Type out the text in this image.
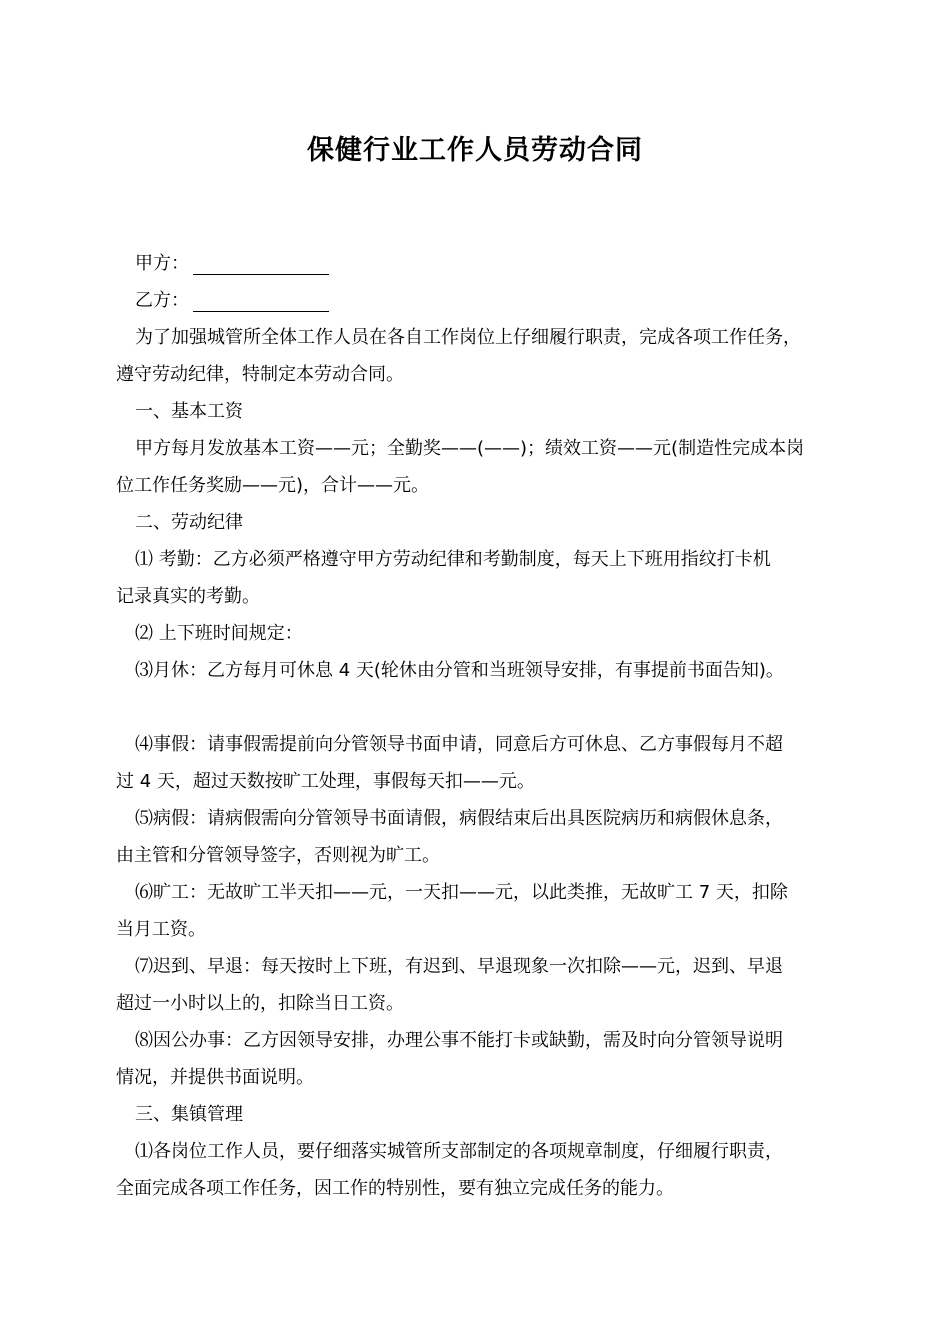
保健行业工作人员劳动合同

甲方：

乙方：

为了加强城管所全体工作人员在各自工作岗位上仔细履行职责，完成各项工作任务，
遵守劳动纪律，特制定本劳动合同。

一、基本工资

甲方每月发放基本工资——元；全勤奖——(——)；绩效工资——元(制造性完成本岗
位工作任务奖励——元)，合计——元。

二、劳动纪律

⑴ 考勤：乙方必须严格遵守甲方劳动纪律和考勤制度，每天上下班用指纹打卡机
记录真实的考勤。

⑵ 上下班时间规定：

⑶月休：乙方每月可休息 4 天(轮休由分管和当班领导安排，有事提前书面告知)。

⑷事假：请事假需提前向分管领导书面申请，同意后方可休息、乙方事假每月不超
过 4 天，超过天数按旷工处理，事假每天扣——元。

⑸病假：请病假需向分管领导书面请假，病假结束后出具医院病历和病假休息条，
由主管和分管领导签字，否则视为旷工。

⑹旷工：无故旷工半天扣——元，一天扣——元，以此类推，无故旷工 7 天，扣除
当月工资。

⑺迟到、早退：每天按时上下班，有迟到、早退现象一次扣除——元，迟到、早退
超过一小时以上的，扣除当日工资。

⑻因公办事：乙方因领导安排，办理公事不能打卡或缺勤，需及时向分管领导说明
情况，并提供书面说明。

三、集镇管理

⑴各岗位工作人员，要仔细落实城管所支部制定的各项规章制度，仔细履行职责，
全面完成各项工作任务，因工作的特别性，要有独立完成任务的能力。
